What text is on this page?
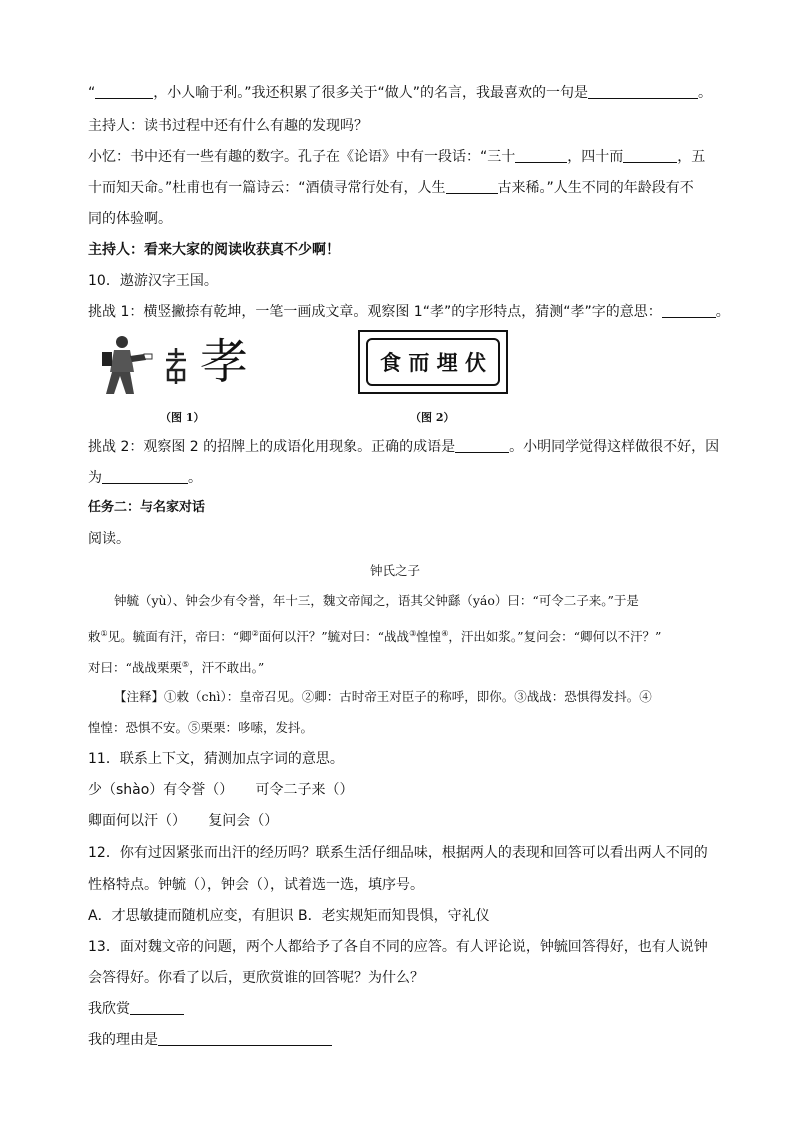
“	，小人喻于利。”我还积累了很多关于“做人”的名言，我最喜欢的一句是	。
主持人：读书过程中还有什么有趣的发现吗？
小忆：书中还有一些有趣的数字。孔子在《论语》中有一段话：“三十	，四十而	，五
十而知天命。”杜甫也有一篇诗云：“酒债寻常行处有，人生	古来稀。”人生不同的年龄段有不
同的体验啊。
主持人：看来大家的阅读收获真不少啊！
10．遨游汉字王国。
挑战 1：横竖撇捺有乾坤，一笔一画成文章。观察图 1“孝”的字形特点，猜测“孝”字的意思：	。
孝
（图 1）
食 而 埋 伏
（图 2）
挑战 2：观察图 2 的招牌上的成语化用现象。正确的成语是	。小明同学觉得这样做很不好，因
为	。
任务二：与名家对话
阅读。
钟氏之子
钟毓（yù）、钟会少有令誉，年十三，魏文帝闻之，语其父钟繇（yáo）曰：“可令二子来。”于是
敕①见。毓面有汗，帝曰：“卿②面何以汗？”毓对曰：“战战③惶惶④，汗出如浆。”复问会：“卿何以不汗？”
对曰：“战战栗栗⑤，汗不敢出。”
【注释】①敕（chì）：皇帝召见。②卿：古时帝王对臣子的称呼，即你。③战战：恐惧得发抖。④
惶惶：恐惧不安。⑤栗栗：哆嗦，发抖。
11．联系上下文，猜测加点字词的意思。
少（shào）有令誉（）     可令二子来（）
卿面何以汗（）     复问会（）
12．你有过因紧张而出汗的经历吗？联系生活仔细品味，根据两人的表现和回答可以看出两人不同的
性格特点。钟毓（），钟会（），试着选一选，填序号。
A．才思敏捷而随机应变，有胆识 B．老实规矩而知畏惧，守礼仪
13．面对魏文帝的问题，两个人都给予了各自不同的应答。有人评论说，钟毓回答得好，也有人说钟
会答得好。你看了以后，更欣赏谁的回答呢？为什么？
我欣赏
我的理由是
